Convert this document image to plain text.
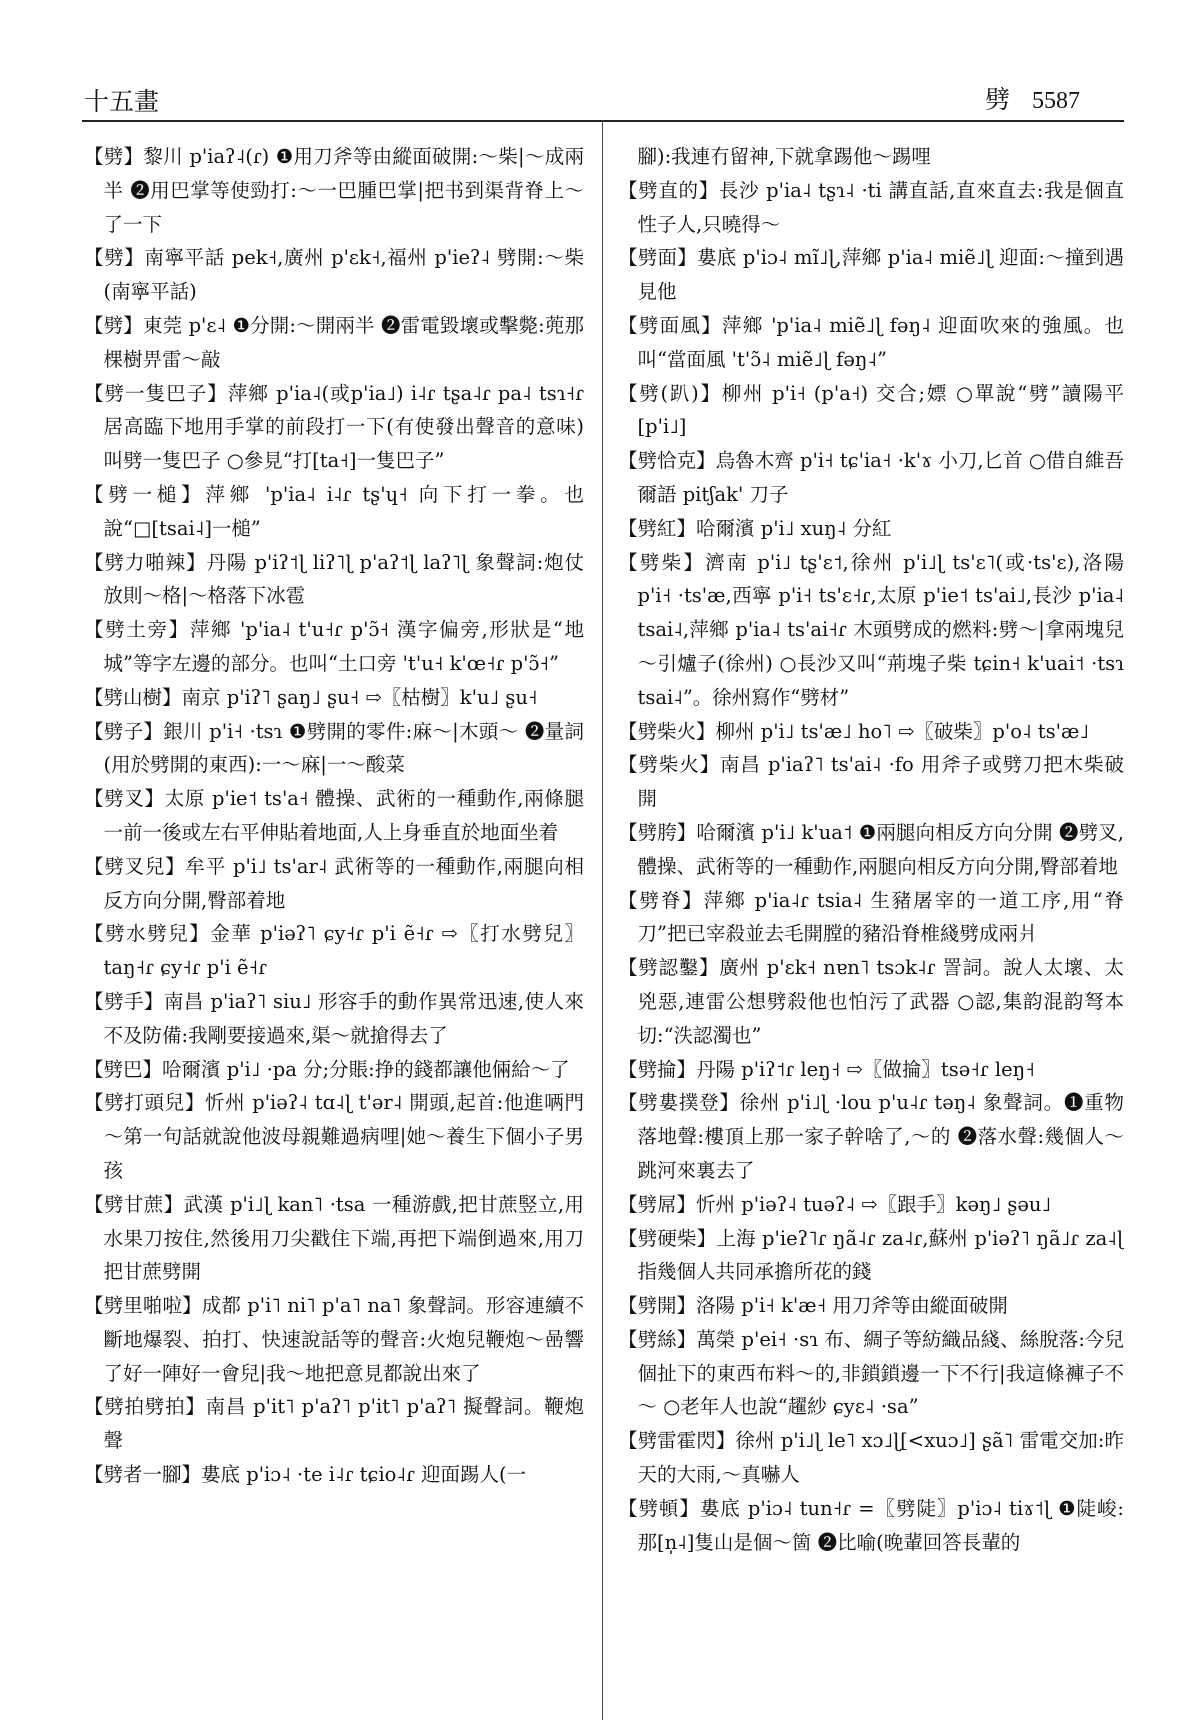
十五畫	劈 5587

【劈】黎川 p'iaʔ˨(ɾ) ❶用刀斧等由縱面破開:～柴|～成兩半 ❷用巴掌等使勁打:～一巴腫巴掌|把书到渠背脊上～了一下

【劈】南寧平話 pek˧,廣州 p'ɛk˧,福州 p'ieʔ˨ 劈開:～柴(南寧平話)

【劈】東莞 p'ɛ˨ ❶分開:～開兩半 ❷雷電毀壞或擊斃:蔸那棵樹畀雷～敲

【劈一隻巴子】萍鄉 p'ia˨(或p'ia˩) i˨ɾ tʂa˨ɾ pa˨ tsɿ˧ɾ 居高臨下地用手掌的前段打一下(有使發出聲音的意味)叫劈一隻巴子 ○參見“打[ta˧]一隻巴子”

【劈一槌】萍鄉 'p'ia˨ i˨ɾ tʂ'ɥ˧ 向下打一拳。也說“□[tsai˨]一槌”

【劈力啪辣】丹陽 p'iʔ˦ɭ liʔ˥ɭ p'aʔ˦ɭ laʔ˥ɭ 象聲詞:炮仗放則～格|～格落下冰雹

【劈土旁】萍鄉 'p'ia˨ t'u˧ɾ p'ɔ̃˧ 漢字偏旁,形狀是“地城”等字左邊的部分。也叫“土口旁 't'u˧ k'œ˧ɾ p'ɔ̃˧”

【劈山樹】南京 p'iʔ˥ ʂaŋ˩ ʂu˧ ⇨〖枯樹〗k'u˩ ʂu˧

【劈子】銀川 p'i˧ ·tsɿ ❶劈開的零件:麻～|木頭～ ❷量詞(用於劈開的東西):一～麻|一～酸菜

【劈叉】太原 p'ie˦ ts'a˧ 體操、武術的一種動作,兩條腿一前一後或左右平伸貼着地面,人上身垂直於地面坐着

【劈叉兒】牟平 p'i˩ ts'ar˨ 武術等的一種動作,兩腿向相反方向分開,臀部着地

【劈水劈兒】金華 p'iəʔ˥ ɕy˧ɾ p'i ẽ˧ɾ ⇨〖打水劈兒〗taŋ˧ɾ ɕy˧ɾ p'i ẽ˧ɾ

【劈手】南昌 p'iaʔ˥ siu˩ 形容手的動作異常迅速,使人來不及防備:我剛要接過來,渠～就搶得去了

【劈巴】哈爾濱 p'i˩ ·pa 分;分賬:挣的錢都讓他倆給～了

【劈打頭兒】忻州 p'iəʔ˨ tɑ˨ɭ t'ər˨ 開頭,起首:他進唡門～第一句話就說他波母親難過病哩|她～養生下個小子男孩

【劈甘蔗】武漢 p'i˩ɭ kan˥ ·tsa 一種游戲,把甘蔗竪立,用水果刀按住,然後用刀尖戳住下端,再把下端倒過來,用刀把甘蔗劈開

【劈里啪啦】成都 p'i˥ ni˥ p'a˥ na˥ 象聲詞。形容連續不斷地爆裂、拍打、快速說話等的聲音:火炮兒鞭炮～喦響了好一陣好一會兒|我～地把意見都說出來了

【劈拍劈拍】南昌 p'it˥ p'aʔ˥ p'it˥ p'aʔ˥ 擬聲詞。鞭炮聲

【劈者一腳】婁底 p'iɔ˨ ·te i˨ɾ tɕio˨ɾ 迎面踢人(一

腳):我連冇留神,下就拿踢他～踢哩

【劈直的】長沙 p'ia˨ tʂɿ˨ ·ti 講直話,直來直去:我是個直性子人,只曉得～

【劈面】婁底 p'iɔ˨ mĩ˩ɭ,萍鄉 p'ia˨ miẽ˩ɭ 迎面:～撞到遇見他

【劈面風】萍鄉 'p'ia˨ miẽ˩ɭ fəŋ˨ 迎面吹來的強風。也叫“當面風 't'ɔ̃˨ miẽ˩ɭ fəŋ˨”

【劈(趴)】柳州 p'i˧ (p'a˧) 交合;嫖 ○單說“劈”讀陽平[p'i˩]

【劈恰克】烏魯木齊 p'i˧ tɕ'ia˧ ·k'ɤ 小刀,匕首 ○借自維吾爾語 pitʃak' 刀子

【劈紅】哈爾濱 p'i˩ xuŋ˨ 分紅

【劈柴】濟南 p'i˩ tʂ'ɛ˦,徐州 p'i˩ɭ ts'ɛ˥(或·ts'ɛ),洛陽 p'i˧ ·ts'æ,西寧 p'i˧ ts'ɛ˧ɾ,太原 p'ie˦ ts'ai˩,長沙 p'ia˨ tsai˨,萍鄉 p'ia˨ ts'ai˧ɾ 木頭劈成的燃料:劈～|拿兩塊兒～引爐子(徐州) ○長沙又叫“荊塊子柴 tɕin˧ k'uai˦ ·tsɿ tsai˨”。徐州寫作“劈材”

【劈柴火】柳州 p'i˩ ts'æ˩ ho˥ ⇨〖破柴〗p'o˨ ts'æ˩

【劈柴火】南昌 p'iaʔ˥ ts'ai˨ ·fo 用斧子或劈刀把木柴破開

【劈胯】哈爾濱 p'i˩ k'ua˦ ❶兩腿向相反方向分開 ❷劈叉,體操、武術等的一種動作,兩腿向相反方向分開,臀部着地

【劈脊】萍鄉 p'ia˨ɾ tsia˨ 生豬屠宰的一道工序,用“脊刀”把已宰殺並去毛開膛的豬沿脊椎綫劈成兩爿

【劈認鑿】廣州 p'ɛk˧ nɐn˥ tsɔk˨ɾ 詈詞。說人太壞、太兇惡,連雷公想劈殺他也怕污了武器 ○認,集韵混韵弩本切:“泆認濁也”

【劈掄】丹陽 p'iʔ˦ɾ leŋ˧ ⇨〖做掄〗tsə˧ɾ leŋ˧

【劈婁撲登】徐州 p'i˩ɭ ·lou p'u˨ɾ təŋ˨ 象聲詞。❶重物落地聲:樓頂上那一家子幹啥了,～的 ❷落水聲:幾個人～跳河來裏去了

【劈屌】忻州 p'iəʔ˨ tuəʔ˨ ⇨〖跟手〗kəŋ˩ ʂəu˩

【劈硬柴】上海 p'ieʔ˥ɾ ŋã˨ɾ za˨ɾ,蘇州 p'iəʔ˥ ŋã˩ɾ za˨ɭ 指幾個人共同承擔所花的錢

【劈開】洛陽 p'i˧ k'æ˧ 用刀斧等由縱面破開

【劈絲】萬榮 p'ei˧ ·sɿ 布、綢子等紡織品綫、絲脫落:今兒個扯下的東西布料～的,非鎖鎖邊一下不行|我這條褲子不～ ○老年人也說“趯紗 ɕyɛ˨ ·sa”

【劈雷霍閃】徐州 p'i˩ɭ le˥ xɔ˩ɭ[<xuɔ˩] ʂã˥ 雷電交加:昨天的大雨,～真嚇人

【劈頓】婁底 p'iɔ˨ tun˧ɾ =〖劈陡〗p'iɔ˨ tiɤ˦ɭ ❶陡峻:那[n̩˨]隻山是個～箇 ❷比喻(晚輩回答長輩的
